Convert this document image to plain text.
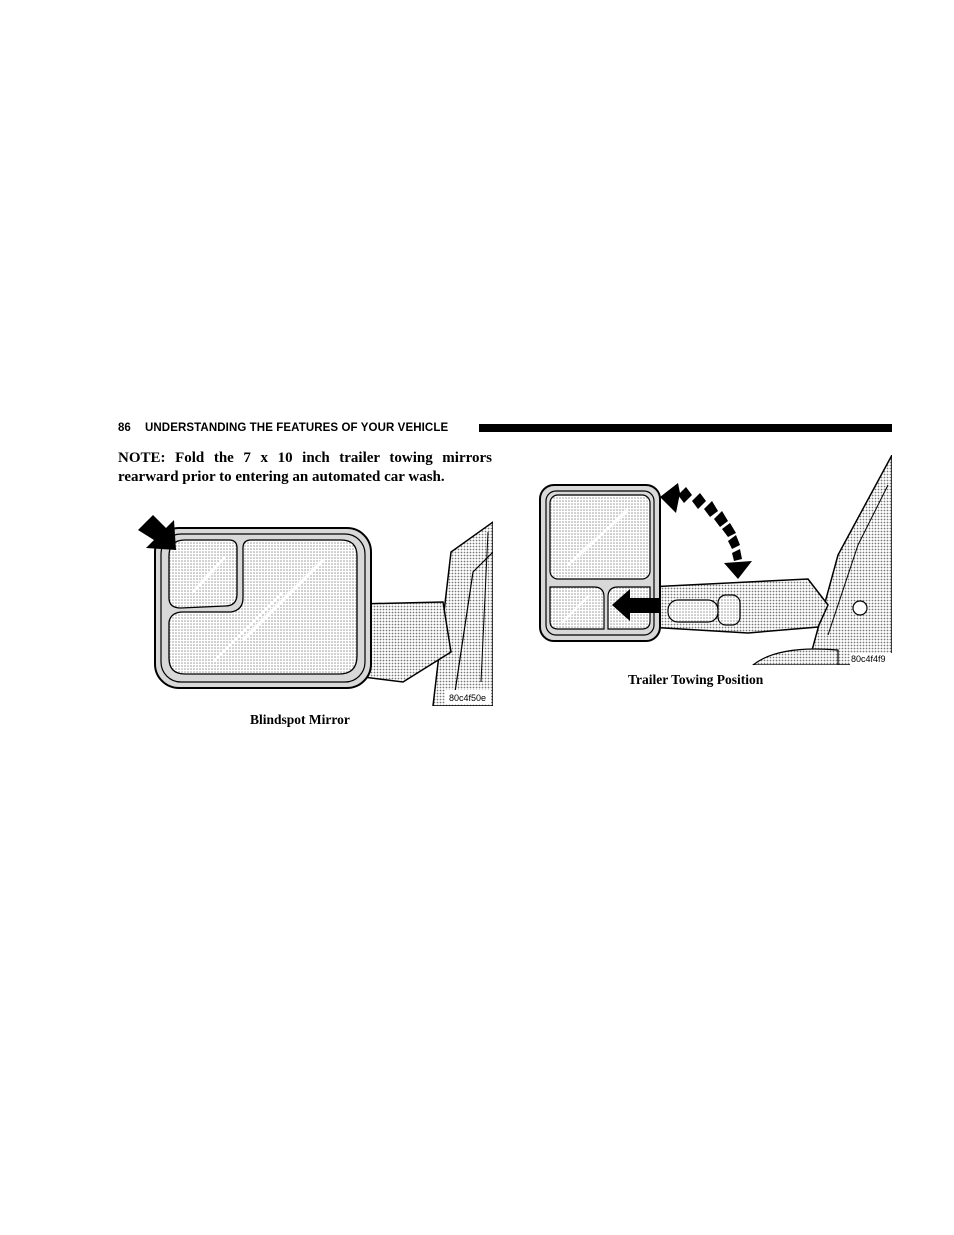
86 UNDERSTANDING THE FEATURES OF YOUR VEHICLE

NOTE: Fold the 7 x 10 inch trailer towing mirrors rearward prior to entering an automated car wash.

80c4f50e
Blindspot Mirror
80c4f4f9
Trailer Towing Position
